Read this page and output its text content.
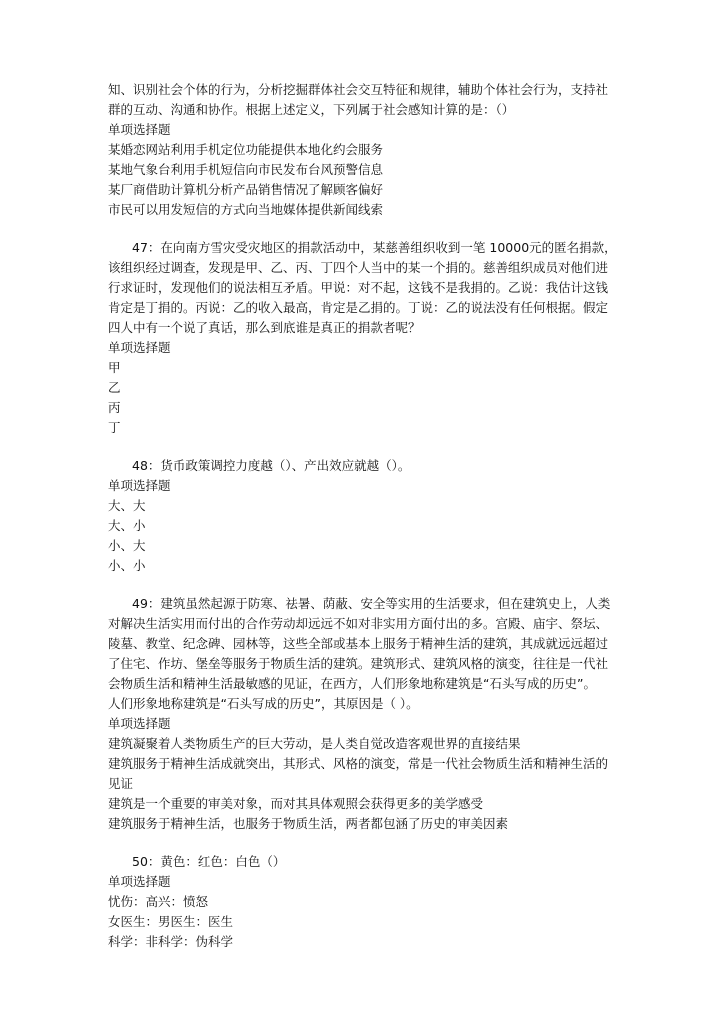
知、识别社会个体的行为，分析挖掘群体社会交互特征和规律，辅助个体社会行为，支持社
群的互动、沟通和协作。根据上述定义，下列属于社会感知计算的是：（）
单项选择题
某婚恋网站利用手机定位功能提供本地化约会服务
某地气象台利用手机短信向市民发布台风预警信息
某厂商借助计算机分析产品销售情况了解顾客偏好
市民可以用发短信的方式向当地媒体提供新闻线索
47：在向南方雪灾受灾地区的捐款活动中，某慈善组织收到一笔 10000元的匿名捐款，
该组织经过调查，发现是甲、乙、丙、丁四个人当中的某一个捐的。慈善组织成员对他们进
行求证时，发现他们的说法相互矛盾。甲说：对不起，这钱不是我捐的。乙说：我估计这钱
肯定是丁捐的。丙说：乙的收入最高，肯定是乙捐的。丁说：乙的说法没有任何根据。假定
四人中有一个说了真话，那么到底谁是真正的捐款者呢？
单项选择题
甲
乙
丙
丁
48：货币政策调控力度越（）、产出效应就越（）。
单项选择题
大、大
大、小
小、大
小、小
49：建筑虽然起源于防寒、祛暑、荫蔽、安全等实用的生活要求，但在建筑史上，人类
对解决生活实用而付出的合作劳动却远远不如对非实用方面付出的多。宫殿、庙宇、祭坛、
陵墓、教堂、纪念碑、园林等，这些全部或基本上服务于精神生活的建筑，其成就远远超过
了住宅、作坊、堡垒等服务于物质生活的建筑。建筑形式、建筑风格的演变，往往是一代社
会物质生活和精神生活最敏感的见证，在西方，人们形象地称建筑是“石头写成的历史”。
人们形象地称建筑是“石头写成的历史”，其原因是（ ）。
单项选择题
建筑凝聚着人类物质生产的巨大劳动，是人类自觉改造客观世界的直接结果
建筑服务于精神生活成就突出，其形式、风格的演变，常是一代社会物质生活和精神生活的
见证
建筑是一个重要的审美对象，而对其具体观照会获得更多的美学感受
建筑服务于精神生活，也服务于物质生活，两者都包涵了历史的审美因素
50：黄色：红色：白色（）
单项选择题
忧伤：高兴：愤怒
女医生：男医生：医生
科学：非科学：伪科学
